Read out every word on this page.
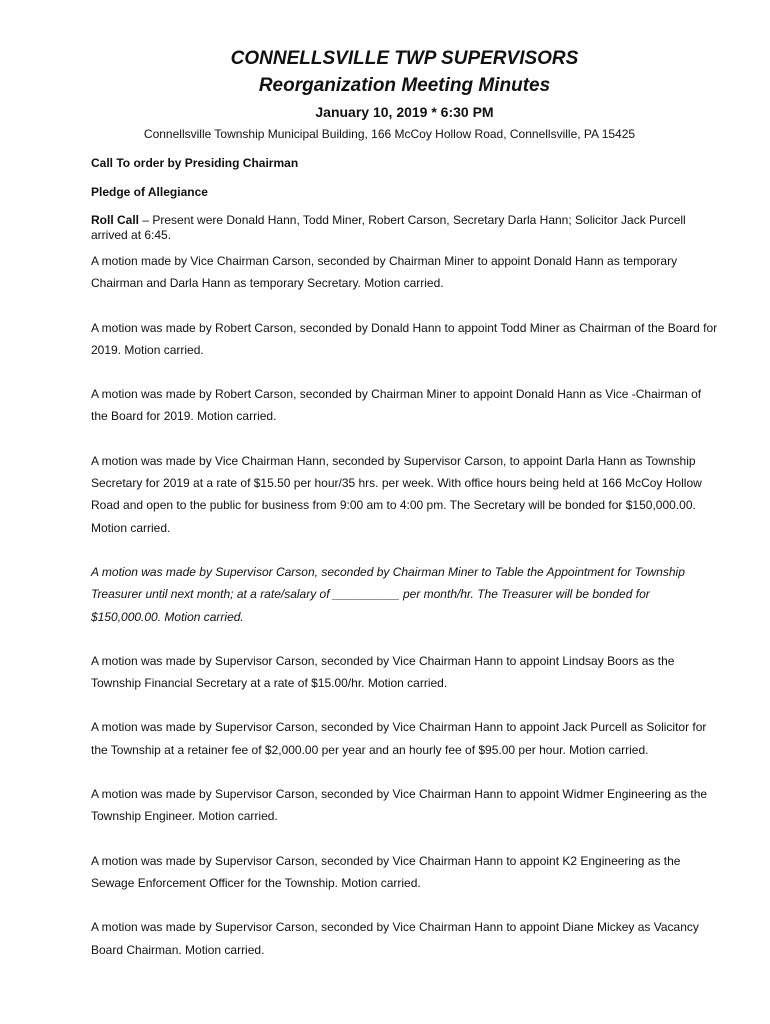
CONNELLSVILLE TWP SUPERVISORS
Reorganization Meeting Minutes

January 10, 2019 * 6:30 PM

Connellsville Township Municipal Building, 166 McCoy Hollow Road, Connellsville, PA 15425

Call To order by Presiding Chairman

Pledge of Allegiance

Roll Call – Present were Donald Hann, Todd Miner, Robert Carson, Secretary Darla Hann; Solicitor Jack Purcell arrived at 6:45.

A motion made by Vice Chairman Carson, seconded by Chairman Miner to appoint Donald Hann as temporary Chairman and Darla Hann as temporary Secretary. Motion carried.

A motion was made by Robert Carson, seconded by Donald Hann to appoint Todd Miner as Chairman of the Board for 2019. Motion carried.

A motion was made by Robert Carson, seconded by Chairman Miner to appoint Donald Hann as Vice -Chairman of the Board for 2019. Motion carried.

A motion was made by Vice Chairman Hann, seconded by Supervisor Carson, to appoint Darla Hann as Township Secretary for 2019 at a rate of $15.50 per hour/35 hrs. per week. With office hours being held at 166 McCoy Hollow Road and open to the public for business from 9:00 am to 4:00 pm. The Secretary will be bonded for $150,000.00. Motion carried.

A motion was made by Supervisor Carson, seconded by Chairman Miner to Table the Appointment for Township Treasurer until next month; at a rate/salary of __________ per month/hr. The Treasurer will be bonded for $150,000.00. Motion carried.

A motion was made by Supervisor Carson, seconded by Vice Chairman Hann to appoint Lindsay Boors as the Township Financial Secretary at a rate of $15.00/hr. Motion carried.

A motion was made by Supervisor Carson, seconded by Vice Chairman Hann to appoint Jack Purcell as Solicitor for the Township at a retainer fee of $2,000.00 per year and an hourly fee of $95.00 per hour. Motion carried.

A motion was made by Supervisor Carson, seconded by Vice Chairman Hann to appoint Widmer Engineering as the Township Engineer. Motion carried.

A motion was made by Supervisor Carson, seconded by Vice Chairman Hann to appoint K2 Engineering as the Sewage Enforcement Officer for the Township. Motion carried.

A motion was made by Supervisor Carson, seconded by Vice Chairman Hann to appoint Diane Mickey as Vacancy Board Chairman. Motion carried.
